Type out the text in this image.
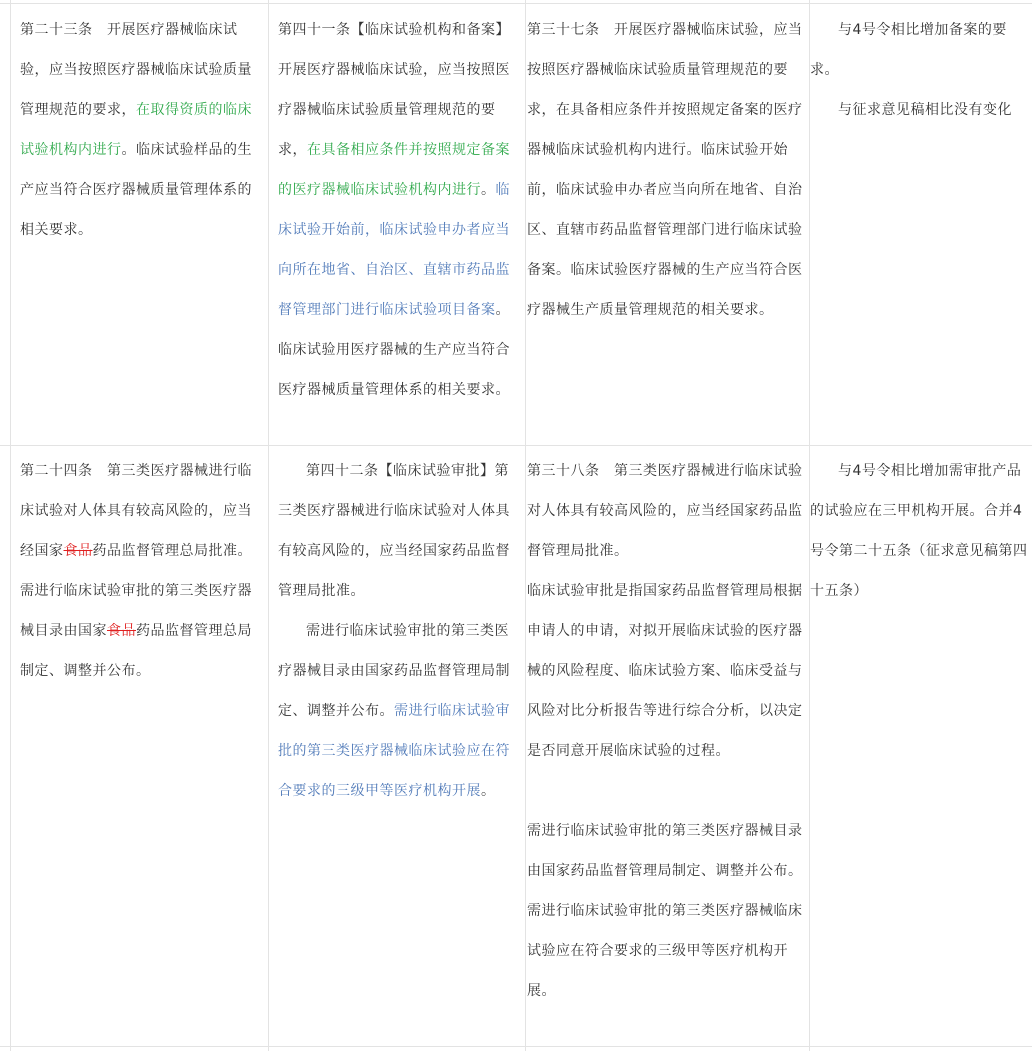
第二十三条　开展医疗器械临床试验，应当按照医疗器械临床试验质量管理规范的要求，在取得资质的临床试验机构内进行。临床试验样品的生产应当符合医疗器械质量管理体系的相关要求。
第四十一条【临床试验机构和备案】开展医疗器械临床试验，应当按照医疗器械临床试验质量管理规范的要求，在具备相应条件并按照规定备案的医疗器械临床试验机构内进行。临床试验开始前，临床试验申办者应当向所在地省、自治区、直辖市药品监督管理部门进行临床试验项目备案。临床试验用医疗器械的生产应当符合医疗器械质量管理体系的相关要求。
第三十七条　开展医疗器械临床试验，应当按照医疗器械临床试验质量管理规范的要求，在具备相应条件并按照规定备案的医疗器械临床试验机构内进行。临床试验开始前，临床试验申办者应当向所在地省、自治区、直辖市药品监督管理部门进行临床试验备案。临床试验医疗器械的生产应当符合医疗器械生产质量管理规范的相关要求。

与4号令相比增加备案的要求。

与征求意见稿相比没有变化

第二十四条　第三类医疗器械进行临床试验对人体具有较高风险的，应当经国家食品药品监督管理总局批准。需进行临床试验审批的第三类医疗器械目录由国家食品药品监督管理总局制定、调整并公布。

第四十二条【临床试验审批】第三类医疗器械进行临床试验对人体具有较高风险的，应当经国家药品监督管理局批准。

需进行临床试验审批的第三类医疗器械目录由国家药品监督管理局制定、调整并公布。需进行临床试验审批的第三类医疗器械临床试验应在符合要求的三级甲等医疗机构开展。

第三十八条　第三类医疗器械进行临床试验对人体具有较高风险的，应当经国家药品监督管理局批准。

临床试验审批是指国家药品监督管理局根据申请人的申请，对拟开展临床试验的医疗器械的风险程度、临床试验方案、临床受益与风险对比分析报告等进行综合分析，以决定是否同意开展临床试验的过程。

需进行临床试验审批的第三类医疗器械目录由国家药品监督管理局制定、调整并公布。需进行临床试验审批的第三类医疗器械临床试验应在符合要求的三级甲等医疗机构开展。

与4号令相比增加需审批产品的试验应在三甲机构开展。合并4号令第二十五条（征求意见稿第四十五条）
